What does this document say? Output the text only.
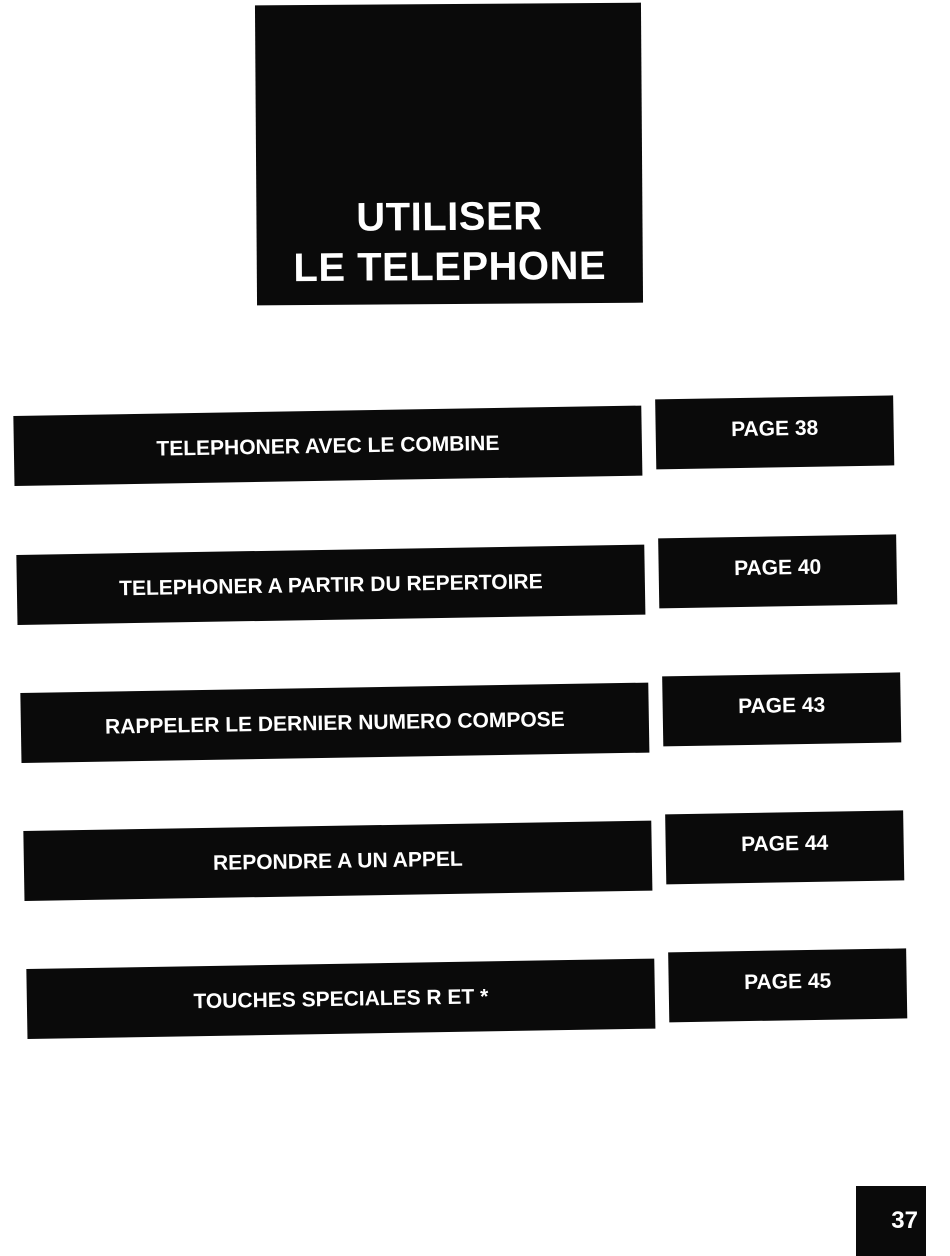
UTILISER
LE TELEPHONE
TELEPHONER AVEC LE COMBINE
PAGE 38
TELEPHONER A PARTIR DU REPERTOIRE
PAGE 40
RAPPELER LE DERNIER NUMERO COMPOSE
PAGE 43
REPONDRE A UN APPEL
PAGE 44
TOUCHES SPECIALES R ET *
PAGE 45
37
